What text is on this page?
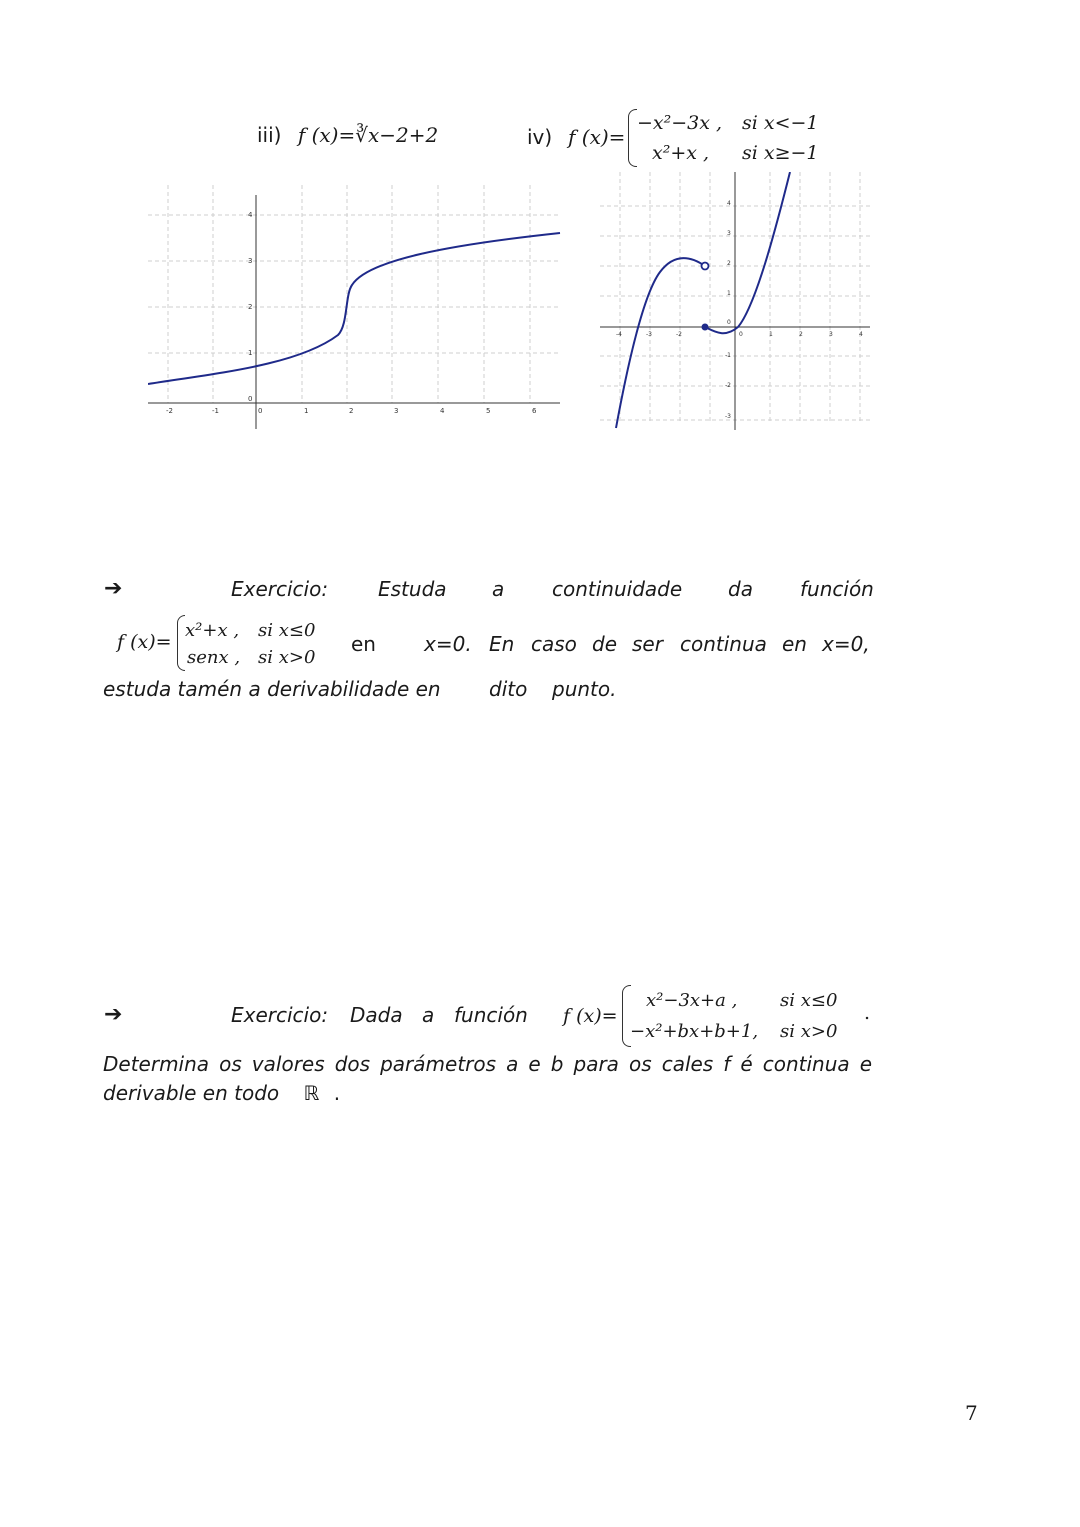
iii) f (x)=∛x−2+2	iv) f (x)=
−x²−3x , si x<−1
x²+x , si x≥−1
-2	-1	0	1	2	3	4	5	6
0
1
2
3
4
-4	-3	-2	0	1	2	3	4
4
3
2
1
0
-1
-2
-3
➔	Exercicio: Estuda a continuidade da función
f (x)=
x²+x , si x≤0
senx , si x>0
en x=0. En caso de ser continua en x=0,
estuda tamén a derivabilidade en dito punto.
➔	Exercicio: Dada a función f (x)=
x²−3x+a , si x≤0
−x²+bx+b+1, si x>0
.
Determina os valores dos parámetros a e b para os cales f é continua e
derivable en todo ℝ .
7
